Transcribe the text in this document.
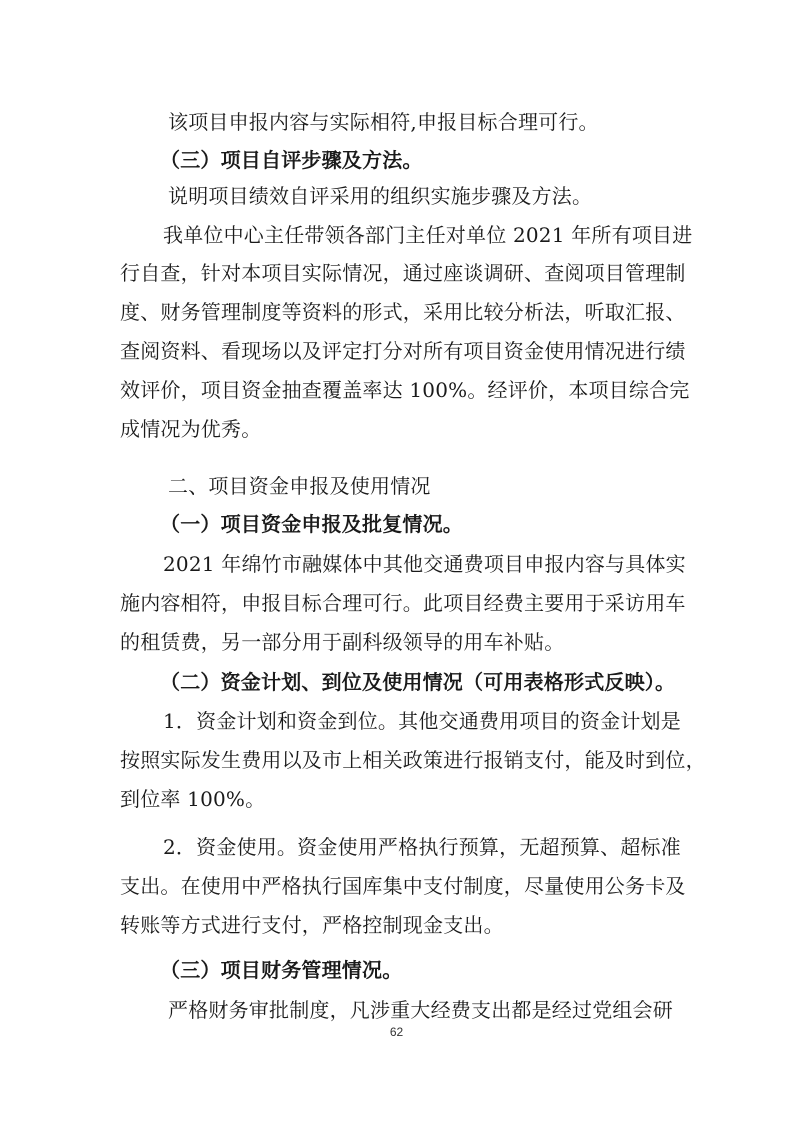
该项目申报内容与实际相符,申报目标合理可行。
（三）项目自评步骤及方法。
说明项目绩效自评采用的组织实施步骤及方法。
我单位中心主任带领各部门主任对单位 2021 年所有项目进
行自查，针对本项目实际情况，通过座谈调研、查阅项目管理制
度、财务管理制度等资料的形式，采用比较分析法，听取汇报、
查阅资料、看现场以及评定打分对所有项目资金使用情况进行绩
效评价，项目资金抽查覆盖率达 100%。经评价，本项目综合完
成情况为优秀。
二、项目资金申报及使用情况
（一）项目资金申报及批复情况。
2021 年绵竹市融媒体中其他交通费项目申报内容与具体实
施内容相符，申报目标合理可行。此项目经费主要用于采访用车
的租赁费，另一部分用于副科级领导的用车补贴。
（二）资金计划、到位及使用情况（可用表格形式反映）。
1．资金计划和资金到位。其他交通费用项目的资金计划是
按照实际发生费用以及市上相关政策进行报销支付，能及时到位，
到位率 100%。
2．资金使用。资金使用严格执行预算，无超预算、超标准
支出。在使用中严格执行国库集中支付制度，尽量使用公务卡及
转账等方式进行支付，严格控制现金支出。
（三）项目财务管理情况。
严格财务审批制度，凡涉重大经费支出都是经过党组会研
62
